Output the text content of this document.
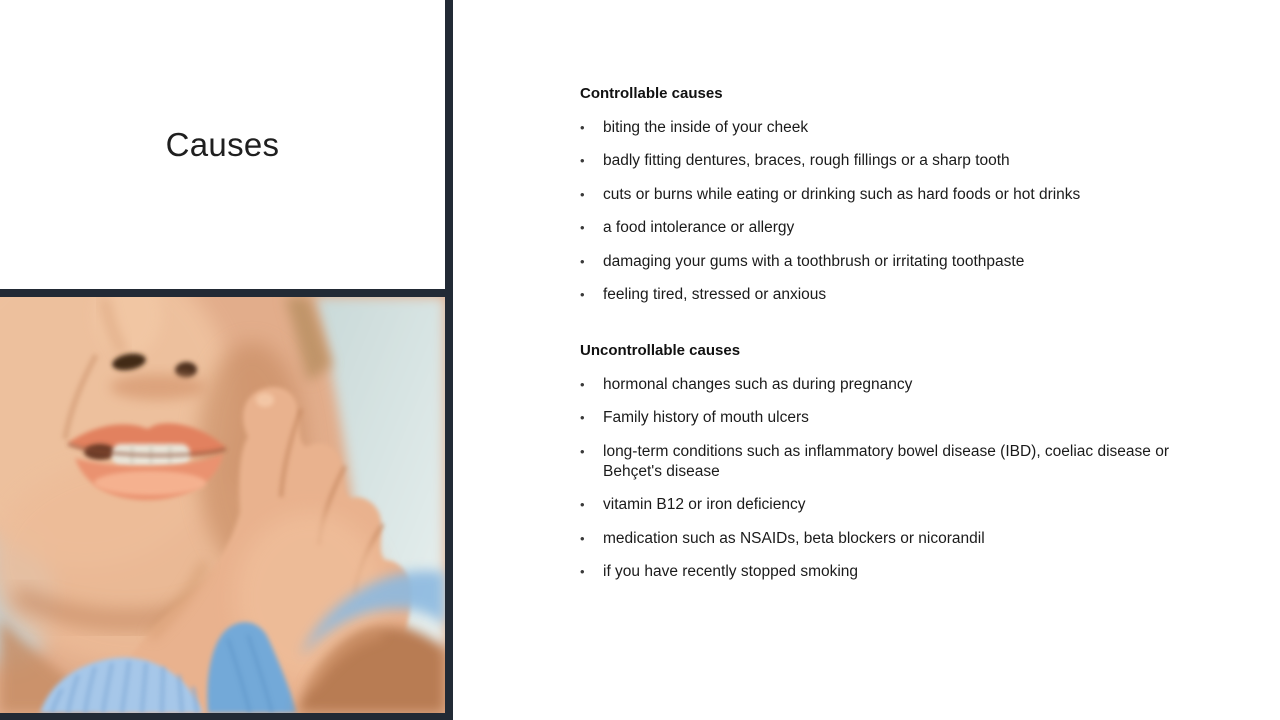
Causes
Controllable causes
•	biting the inside of your cheek
•	badly fitting dentures, braces, rough fillings or a sharp tooth
•	cuts or burns while eating or drinking such as hard foods or hot drinks
•	a food intolerance or allergy
•	damaging your gums with a toothbrush or irritating toothpaste
•	feeling tired, stressed or anxious
Uncontrollable causes
•	hormonal changes such as during pregnancy
•	Family history of mouth ulcers
•	long-term conditions such as inflammatory bowel disease (IBD), coeliac disease or Behçet's disease
•	vitamin B12 or iron deficiency
•	medication such as NSAIDs, beta blockers or nicorandil
•	if you have recently stopped smoking
